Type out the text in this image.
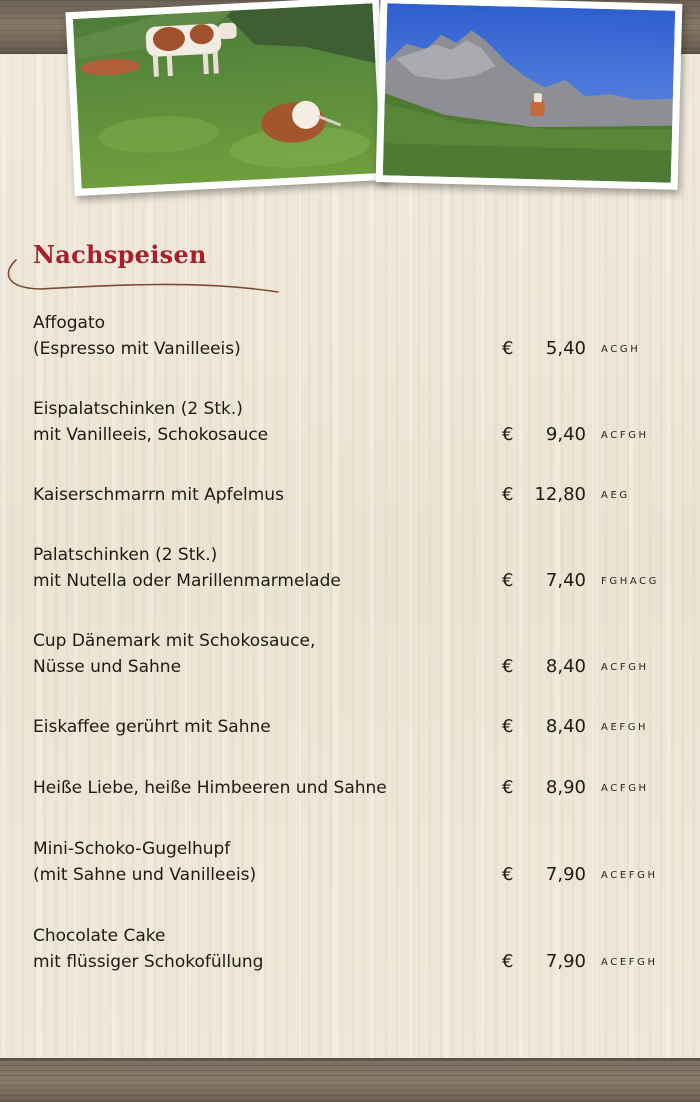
Nachspeisen
Affogato
(Espresso mit Vanilleeis)	€	5,40 ACGH
Eispalatschinken (2 Stk.)
mit Vanilleeis, Schokosauce	€	9,40 ACFGH
Kaiserschmarrn mit Apfelmus	€	12,80 AEG
Palatschinken (2 Stk.)
mit Nutella oder Marillenmarmelade	€	7,40 FGHACG
Cup Dänemark mit Schokosauce,
Nüsse und Sahne	€	8,40 ACFGH
Eiskaffee gerührt mit Sahne	€	8,40 AEFGH
Heiße Liebe, heiße Himbeeren und Sahne	€	8,90 ACFGH
Mini-Schoko-Gugelhupf
(mit Sahne und Vanilleeis)	€	7,90 ACEFGH
Chocolate Cake
mit flüssiger Schokofüllung	€	7,90 ACEFGH
